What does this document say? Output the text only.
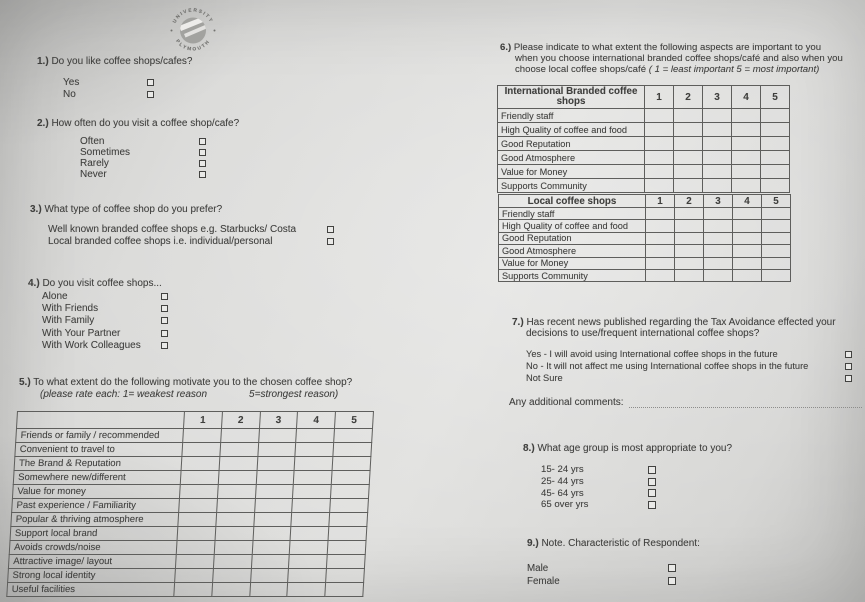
UNIVERSITY
PLYMOUTH
1.) Do you like coffee shops/cafes?
Yes
No
2.) How often do you visit a coffee shop/cafe?
Often
Sometimes
Rarely
Never
3.) What type of coffee shop do you prefer?
Well known branded coffee shops e.g. Starbucks/ Costa
Local branded coffee shops i.e. individual/personal
4.) Do you visit coffee shops...
Alone
With Friends
With Family
With Your Partner
With Work Colleagues
5.) To what extent do the following motivate you to the chosen coffee shop?
(please rate each: 1= weakest reason	5=strongest reason)
	1	2	3	4	5
Friends or family / recommended					
Convenient to travel to					
The Brand & Reputation					
Somewhere new/different					
Value for money					
Past experience / Familiarity					
Popular & thriving atmosphere					
Support local brand					
Avoids crowds/noise					
Attractive image/ layout					
Strong local identity					
Useful facilities					
6.) Please indicate to what extent the following aspects are important to you
when you choose international branded coffee shops/café and also when you
choose local coffee shops/café ( 1 = least important 5 = most important)
International Branded coffee shops	1	2	3	4	5
Friendly staff					
High Quality of coffee and food					
Good Reputation					
Good Atmosphere					
Value for Money					
Supports Community					
Local coffee shops	1	2	3	4	5
Friendly staff					
High Quality of coffee and food					
Good Reputation					
Good Atmosphere					
Value for Money					
Supports Community					
7.) Has recent news published regarding the Tax Avoidance effected your
decisions to use/frequent international coffee shops?
Yes - I will avoid using International coffee shops in the future
No - It will not affect me using International coffee shops in the future
Not Sure
Any additional comments:
8.) What age group is most appropriate to you?
15- 24 yrs
25- 44 yrs
45- 64 yrs
65 over yrs
9.) Note. Characteristic of Respondent:
Male
Female
